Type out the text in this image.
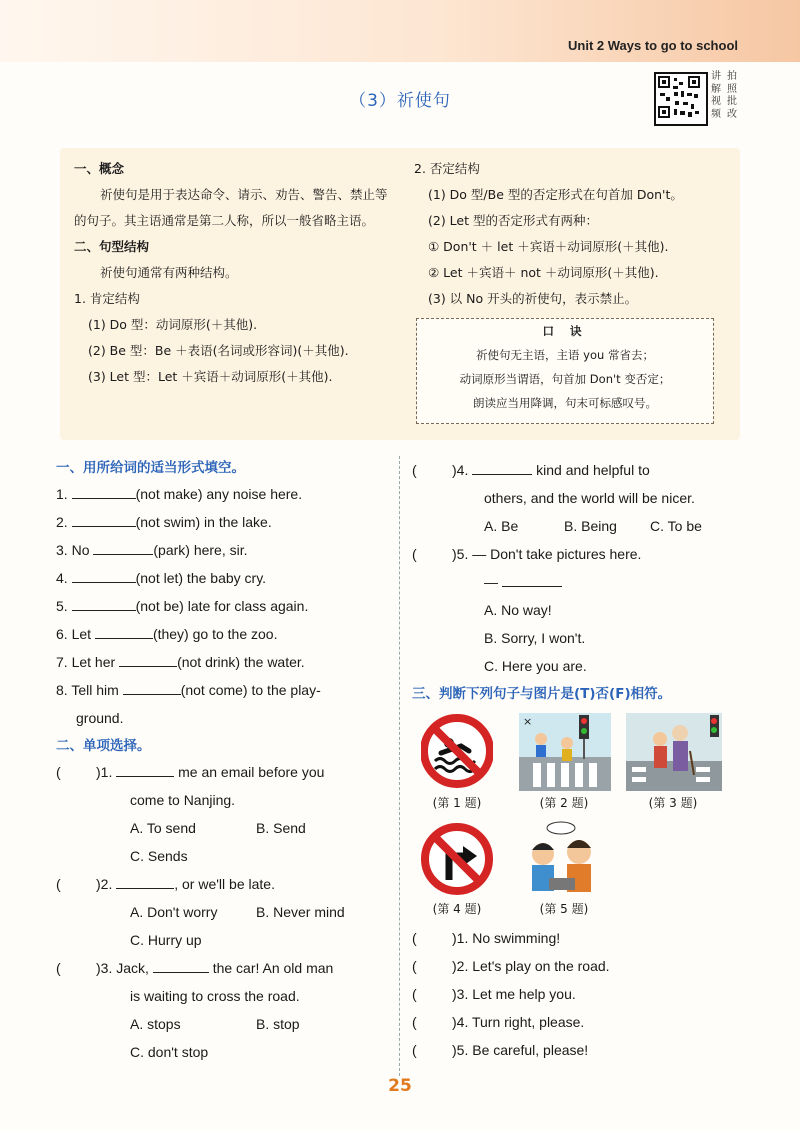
Unit 2 Ways to go to school
（3）祈使句
讲 拍
解 照
视 批
频 改
一、概念
祈使句是用于表达命令、请示、劝告、警告、禁止等的句子。其主语通常是第二人称，所以一般省略主语。
二、句型结构
祈使句通常有两种结构。
1. 肯定结构
(1) Do 型：动词原形(＋其他).
(2) Be 型：Be ＋表语(名词或形容词)(＋其他).
(3) Let 型：Let ＋宾语＋动词原形(＋其他).
2. 否定结构
(1) Do 型/Be 型的否定形式在句首加 Don't。
(2) Let 型的否定形式有两种：
① Don't ＋ let ＋宾语＋动词原形(＋其他).
② Let ＋宾语＋ not ＋动词原形(＋其他).
(3) 以 No 开头的祈使句，表示禁止。
口 诀
祈使句无主语，主语 you 常省去；
动词原形当谓语，句首加 Don't 变否定；
朗读应当用降调，句末可标感叹号。
一、用所给词的适当形式填空。
1.	(not make) any noise here.
2.	(not swim) in the lake.
3. No	(park) here, sir.
4.	(not let) the baby cry.
5.	(not be) late for class again.
6. Let	(they) go to the zoo.
7. Let her	(not drink) the water.
8. Tell him	(not come) to the play-
ground.
二、单项选择。
(	)1.	me an email before you
come to Nanjing.
A. To send	B. Send
C. Sends
(	)2.	, or we'll be late.
A. Don't worry	B. Never mind
C. Hurry up
(	)3. Jack,	the car! An old man
is waiting to cross the road.
A. stops	B. stop
C. don't stop
(	)4.	kind and helpful to
others, and the world will be nicer.
A. Be	B. Being C. To be
(	)5. — Don't take pictures here.
—
A. No way!
B. Sorry, I won't.
C. Here you are.
三、判断下列句子与图片是(T)否(F)相符。
(第 1 题)
×
(第 2 题)	(第 3 题)
(第 4 题)	(第 5 题)
(	)1. No swimming!
(	)2. Let's play on the road.
(	)3. Let me help you.
(	)4. Turn right, please.
(	)5. Be careful, please!
25
